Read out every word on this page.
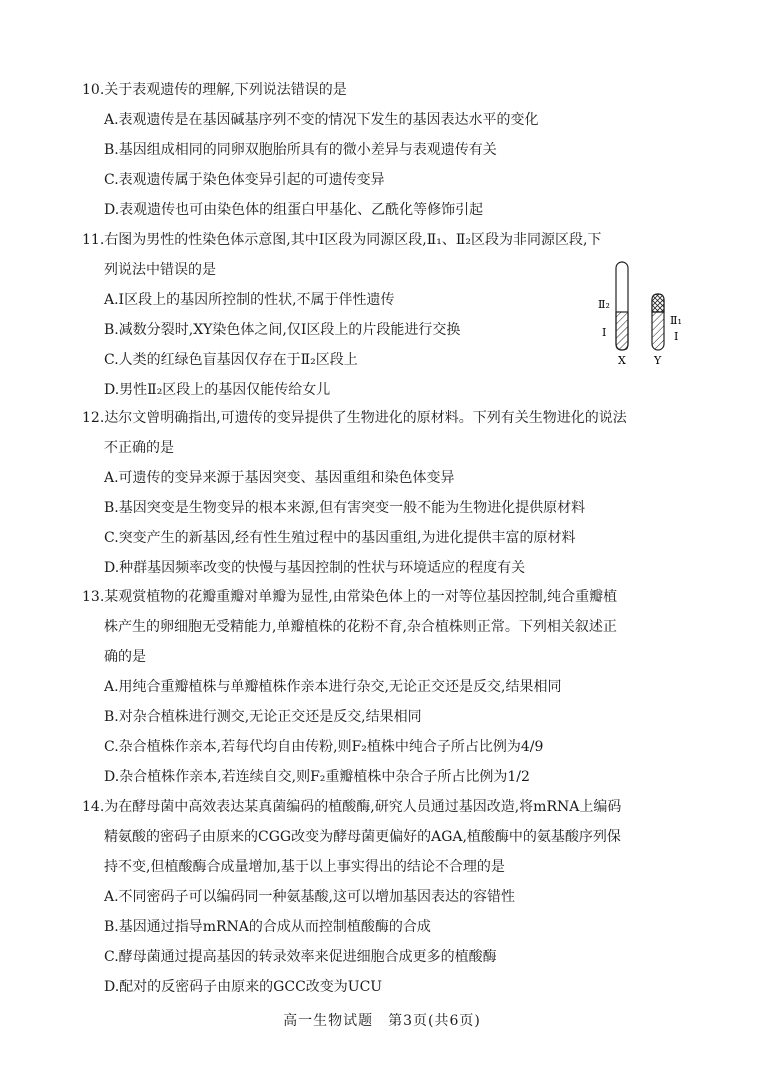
10.关于表观遗传的理解,下列说法错误的是
A.表观遗传是在基因碱基序列不变的情况下发生的基因表达水平的变化
B.基因组成相同的同卵双胞胎所具有的微小差异与表观遗传有关
C.表观遗传属于染色体变异引起的可遗传变异
D.表观遗传也可由染色体的组蛋白甲基化、乙酰化等修饰引起
11.右图为男性的性染色体示意图,其中Ⅰ区段为同源区段,Ⅱ₁、Ⅱ₂区段为非同源区段,下
列说法中错误的是
A.Ⅰ区段上的基因所控制的性状,不属于伴性遗传
B.减数分裂时,XY染色体之间,仅Ⅰ区段上的片段能进行交换
C.人类的红绿色盲基因仅存在于Ⅱ₂区段上
D.男性Ⅱ₂区段上的基因仅能传给女儿
Ⅱ₂
Ⅰ
Ⅱ₁
Ⅰ
X	Y
12.达尔文曾明确指出,可遗传的变异提供了生物进化的原材料。下列有关生物进化的说法
不正确的是
A.可遗传的变异来源于基因突变、基因重组和染色体变异
B.基因突变是生物变异的根本来源,但有害突变一般不能为生物进化提供原材料
C.突变产生的新基因,经有性生殖过程中的基因重组,为进化提供丰富的原材料
D.种群基因频率改变的快慢与基因控制的性状与环境适应的程度有关
13.某观赏植物的花瓣重瓣对单瓣为显性,由常染色体上的一对等位基因控制,纯合重瓣植
株产生的卵细胞无受精能力,单瓣植株的花粉不育,杂合植株则正常。下列相关叙述正
确的是
A.用纯合重瓣植株与单瓣植株作亲本进行杂交,无论正交还是反交,结果相同
B.对杂合植株进行测交,无论正交还是反交,结果相同
C.杂合植株作亲本,若每代均自由传粉,则F₂植株中纯合子所占比例为4/9
D.杂合植株作亲本,若连续自交,则F₂重瓣植株中杂合子所占比例为1/2
14.为在酵母菌中高效表达某真菌编码的植酸酶,研究人员通过基因改造,将mRNA上编码
精氨酸的密码子由原来的CGG改变为酵母菌更偏好的AGA,植酸酶中的氨基酸序列保
持不变,但植酸酶合成量增加,基于以上事实得出的结论不合理的是
A.不同密码子可以编码同一种氨基酸,这可以增加基因表达的容错性
B.基因通过指导mRNA的合成从而控制植酸酶的合成
C.酵母菌通过提高基因的转录效率来促进细胞合成更多的植酸酶
D.配对的反密码子由原来的GCC改变为UCU
高一生物试题　第3页(共6页)
